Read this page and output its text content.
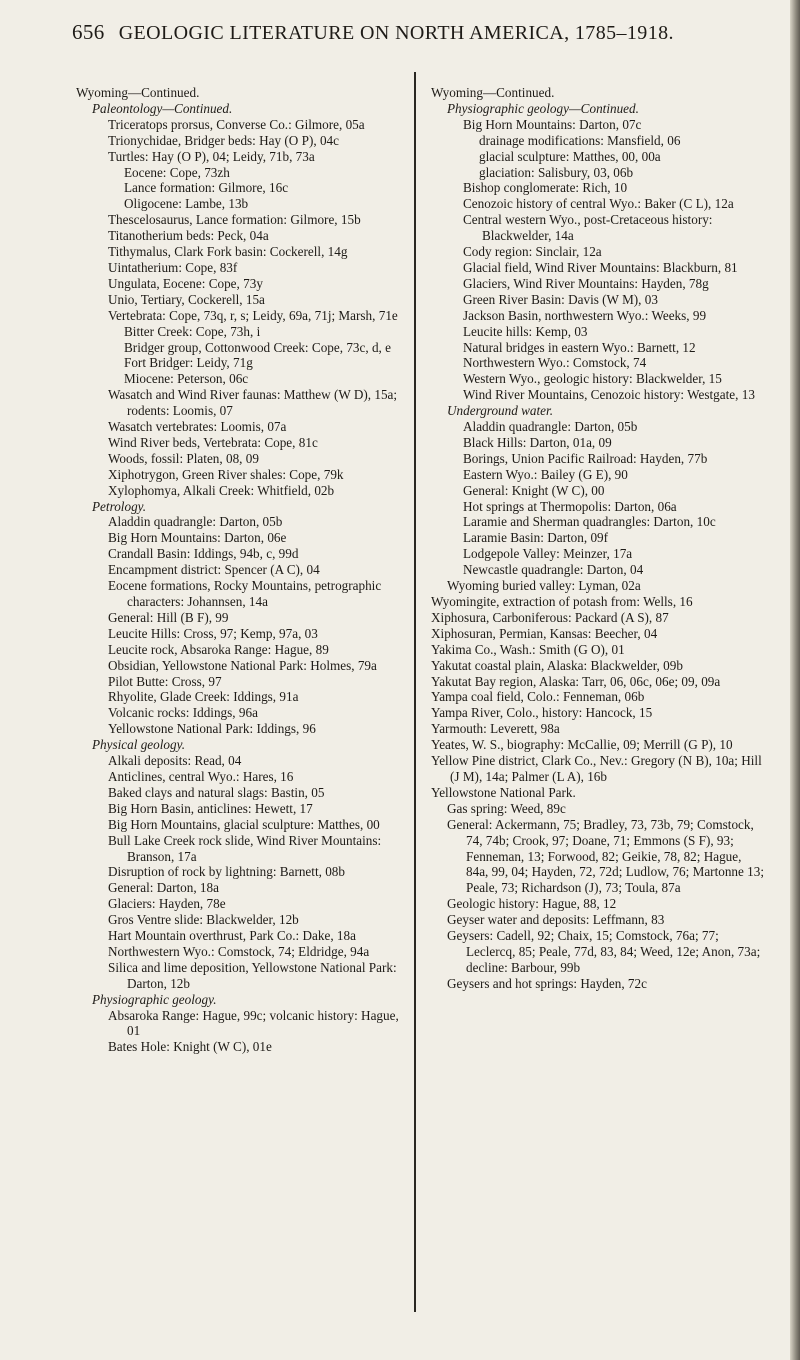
656 GEOLOGIC LITERATURE ON NORTH AMERICA, 1785–1918.

Wyoming—Continued.

Paleontology—Continued.

Triceratops prorsus, Converse Co.: Gilmore, 05a

Trionychidae, Bridger beds: Hay (O P), 04c

Turtles: Hay (O P), 04; Leidy, 71b, 73a

Eocene: Cope, 73zh

Lance formation: Gilmore, 16c

Oligocene: Lambe, 13b

Thescelosaurus, Lance formation: Gilmore, 15b

Titanotherium beds: Peck, 04a

Tithymalus, Clark Fork basin: Cockerell, 14g

Uintatherium: Cope, 83f

Ungulata, Eocene: Cope, 73y

Unio, Tertiary, Cockerell, 15a

Vertebrata: Cope, 73q, r, s; Leidy, 69a, 71j; Marsh, 71e

Bitter Creek: Cope, 73h, i

Bridger group, Cottonwood Creek: Cope, 73c, d, e

Fort Bridger: Leidy, 71g

Miocene: Peterson, 06c

Wasatch and Wind River faunas: Matthew (W D), 15a; rodents: Loomis, 07

Wasatch vertebrates: Loomis, 07a

Wind River beds, Vertebrata: Cope, 81c

Woods, fossil: Platen, 08, 09

Xiphotrygon, Green River shales: Cope, 79k

Xylophomya, Alkali Creek: Whitfield, 02b

Petrology.

Aladdin quadrangle: Darton, 05b

Big Horn Mountains: Darton, 06e

Crandall Basin: Iddings, 94b, c, 99d

Encampment district: Spencer (A C), 04

Eocene formations, Rocky Mountains, petrographic characters: Johannsen, 14a

General: Hill (B F), 99

Leucite Hills: Cross, 97; Kemp, 97a, 03

Leucite rock, Absaroka Range: Hague, 89

Obsidian, Yellowstone National Park: Holmes, 79a

Pilot Butte: Cross, 97

Rhyolite, Glade Creek: Iddings, 91a

Volcanic rocks: Iddings, 96a

Yellowstone National Park: Iddings, 96

Physical geology.

Alkali deposits: Read, 04

Anticlines, central Wyo.: Hares, 16

Baked clays and natural slags: Bastin, 05

Big Horn Basin, anticlines: Hewett, 17

Big Horn Mountains, glacial sculpture: Matthes, 00

Bull Lake Creek rock slide, Wind River Mountains: Branson, 17a

Disruption of rock by lightning: Barnett, 08b

General: Darton, 18a

Glaciers: Hayden, 78e

Gros Ventre slide: Blackwelder, 12b

Hart Mountain overthrust, Park Co.: Dake, 18a

Northwestern Wyo.: Comstock, 74; Eldridge, 94a

Silica and lime deposition, Yellowstone National Park: Darton, 12b

Physiographic geology.

Absaroka Range: Hague, 99c; volcanic history: Hague, 01

Bates Hole: Knight (W C), 01e

Wyoming—Continued.

Physiographic geology—Continued.

Big Horn Mountains: Darton, 07c

drainage modifications: Mansfield, 06

glacial sculpture: Matthes, 00, 00a

glaciation: Salisbury, 03, 06b

Bishop conglomerate: Rich, 10

Cenozoic history of central Wyo.: Baker (C L), 12a

Central western Wyo., post-Cretaceous history: Blackwelder, 14a

Cody region: Sinclair, 12a

Glacial field, Wind River Mountains: Blackburn, 81

Glaciers, Wind River Mountains: Hayden, 78g

Green River Basin: Davis (W M), 03

Jackson Basin, northwestern Wyo.: Weeks, 99

Leucite hills: Kemp, 03

Natural bridges in eastern Wyo.: Barnett, 12

Northwestern Wyo.: Comstock, 74

Western Wyo., geologic history: Blackwelder, 15

Wind River Mountains, Cenozoic history: Westgate, 13

Underground water.

Aladdin quadrangle: Darton, 05b

Black Hills: Darton, 01a, 09

Borings, Union Pacific Railroad: Hayden, 77b

Eastern Wyo.: Bailey (G E), 90

General: Knight (W C), 00

Hot springs at Thermopolis: Darton, 06a

Laramie and Sherman quadrangles: Darton, 10c

Laramie Basin: Darton, 09f

Lodgepole Valley: Meinzer, 17a

Newcastle quadrangle: Darton, 04

Wyoming buried valley: Lyman, 02a

Wyomingite, extraction of potash from: Wells, 16

Xiphosura, Carboniferous: Packard (A S), 87

Xiphosuran, Permian, Kansas: Beecher, 04

Yakima Co., Wash.: Smith (G O), 01

Yakutat coastal plain, Alaska: Blackwelder, 09b

Yakutat Bay region, Alaska: Tarr, 06, 06c, 06e; 09, 09a

Yampa coal field, Colo.: Fenneman, 06b

Yampa River, Colo., history: Hancock, 15

Yarmouth: Leverett, 98a

Yeates, W. S., biography: McCallie, 09; Merrill (G P), 10

Yellow Pine district, Clark Co., Nev.: Gregory (N B), 10a; Hill (J M), 14a; Palmer (L A), 16b

Yellowstone National Park.

Gas spring: Weed, 89c

General: Ackermann, 75; Bradley, 73, 73b, 79; Comstock, 74, 74b; Crook, 97; Doane, 71; Emmons (S F), 93; Fenneman, 13; Forwood, 82; Geikie, 78, 82; Hague, 84a, 99, 04; Hayden, 72, 72d; Ludlow, 76; Martonne 13; Peale, 73; Richardson (J), 73; Toula, 87a

Geologic history: Hague, 88, 12

Geyser water and deposits: Leffmann, 83

Geysers: Cadell, 92; Chaix, 15; Comstock, 76a; 77; Leclercq, 85; Peale, 77d, 83, 84; Weed, 12e; Anon, 73a; decline: Barbour, 99b

Geysers and hot springs: Hayden, 72c
